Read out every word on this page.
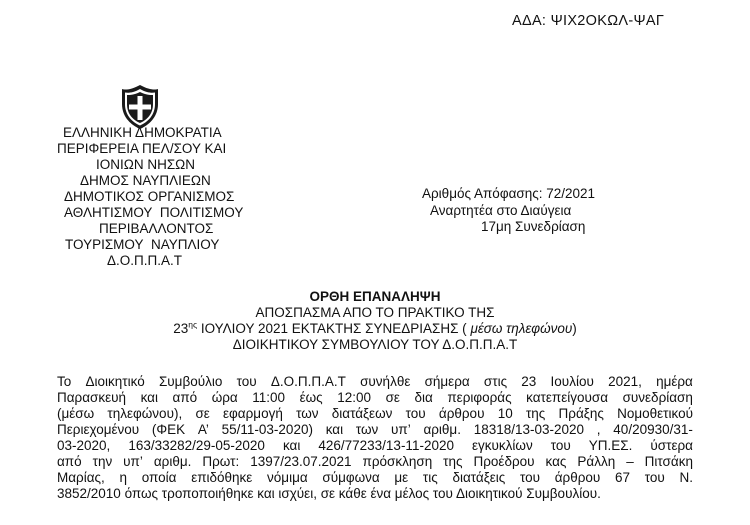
ΑΔΑ: ΨΙΧ2ΟΚΩΛ-ΨΑΓ
ΕΛΛΗΝΙΚΗ ΔΗΜΟΚΡΑΤΙΑ
ΠΕΡΙΦΕΡΕΙΑ ΠΕΛ/ΣΟΥ ΚΑΙ
ΙΟΝΙΩΝ ΝΗΣΩΝ
ΔΗΜΟΣ ΝΑΥΠΛΙΕΩΝ
ΔΗΜΟΤΙΚΟΣ ΟΡΓΑΝΙΣΜΟΣ
ΑΘΛΗΤΙΣΜΟΥ ΠΟΛΙΤΙΣΜΟΥ
ΠΕΡΙΒΑΛΛΟΝΤΟΣ
ΤΟΥΡΙΣΜΟΥ ΝΑΥΠΛΙΟΥ
Δ.Ο.Π.Π.Α.Τ
Αριθμός Απόφασης: 72/2021
Αναρτητέα στο Διαύγεια
17μη Συνεδρίαση
ΟΡΘΗ ΕΠΑΝΑΛΗΨΗ
ΑΠΟΣΠΑΣΜΑ ΑΠΟ ΤΟ ΠΡΑΚΤΙΚΟ ΤΗΣ
$23^{\eta\varsigma}$ ΙΟΥΛΙΟΥ 2021 ΕΚΤΑΚΤΗΣ ΣΥΝΕΔΡΙΑΣΗΣ ( μέσω τηλεφώνου)
ΔΙΟΙΚΗΤΙΚΟΥ ΣΥΜΒΟΥΛΙΟΥ ΤΟΥ Δ.Ο.Π.Π.Α.Τ
Το Διοικητικό Συμβούλιο του Δ.Ο.Π.Π.Α.Τ συνήλθε σήμερα στις 23 Ιουλίου 2021, ημέρα
Παρασκευή και από ώρα 11:00 έως 12:00 σε δια περιφοράς κατεπείγουσα συνεδρίαση
(μέσω τηλεφώνου), σε εφαρμογή των διατάξεων του άρθρου 10 της Πράξης Νομοθετικού
Περιεχομένου (ΦΕΚ Α’ 55/11-03-2020) και των υπ’ αριθμ. 18318/13-03-2020 , 40/20930/31-
03-2020, 163/33282/29-05-2020 και 426/77233/13-11-2020 εγκυκλίων του ΥΠ.ΕΣ. ύστερα
από την υπ’ αριθμ. Πρωτ: 1397/23.07.2021 πρόσκληση της Προέδρου κας Ράλλη – Πιτσάκη
Μαρίας, η οποία επιδόθηκε νόμιμα σύμφωνα με τις διατάξεις του άρθρου 67 του Ν.
3852/2010 όπως τροποποιήθηκε και ισχύει, σε κάθε ένα μέλος του Διοικητικού Συμβουλίου.
